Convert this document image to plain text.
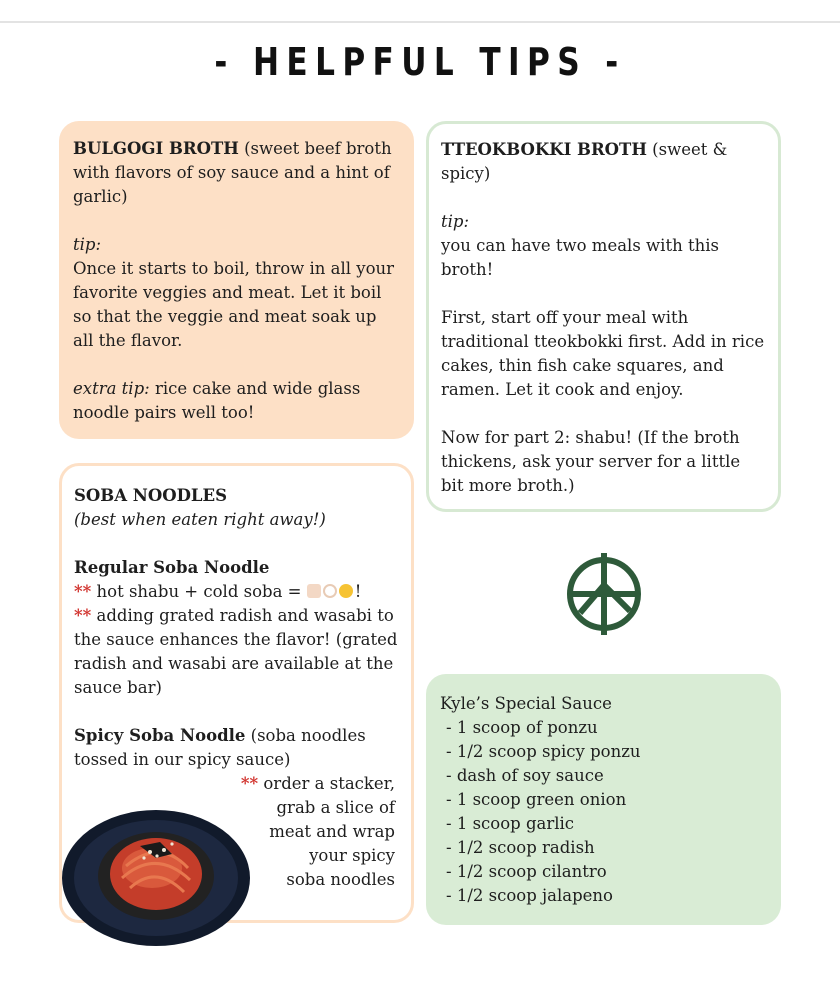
- HELPFUL TIPS -

BULGOGI BROTH (sweet beef broth with flavors of soy sauce and a hint of garlic)

tip:

Once it starts to boil, throw in all your favorite veggies and meat. Let it boil so that the veggie and meat soak up all the flavor.

extra tip: rice cake and wide glass noodle pairs well too!

TTEOKBOKKI BROTH (sweet & spicy)

tip:

you can have two meals with this broth!

First, start off your meal with traditional tteokbokki first. Add in rice cakes, thin fish cake squares, and ramen. Let it cook and enjoy.

Now for part 2: shabu! (If the broth thickens, ask your server for a little bit more broth.)

SOBA NOODLES

(best when eaten right away!)

Regular Soba Noodle

** hot shabu + cold soba =	!

** adding grated radish and wasabi to the sauce enhances the flavor! (grated radish and wasabi are available at the sauce bar)

Spicy Soba Noodle (soba noodles tossed in our spicy sauce)

** order a stacker,

grab a slice of

meat and wrap

your spicy

soba noodles

Kyle’s Special Sauce

- 1 scoop of ponzu
- 1/2 scoop spicy ponzu
- dash of soy sauce
- 1 scoop green onion
- 1 scoop garlic
- 1/2 scoop radish
- 1/2 scoop cilantro
- 1/2 scoop jalapeno
